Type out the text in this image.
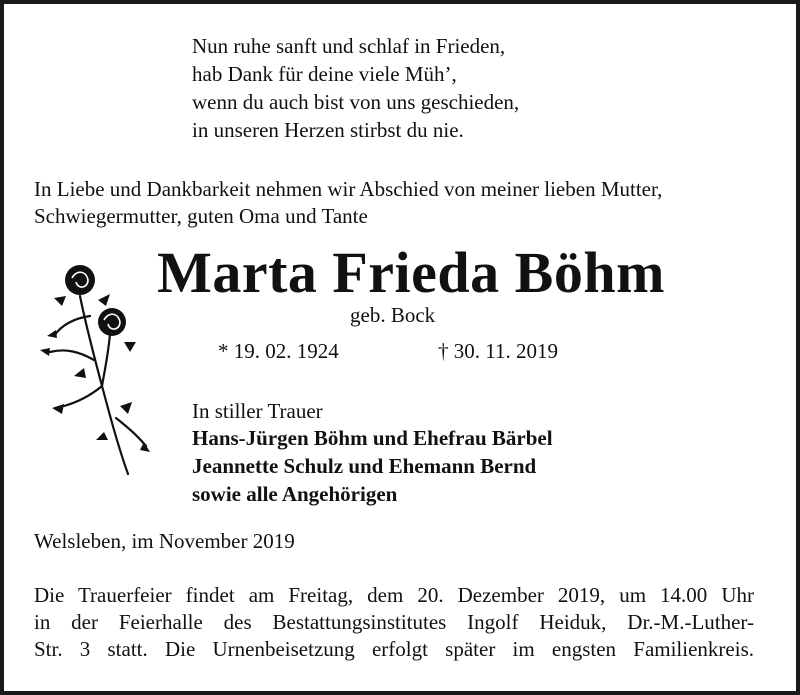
Nun ruhe sanft und schlaf in Frieden,
hab Dank für deine viele Müh’,
wenn du auch bist von uns geschieden,
in unseren Herzen stirbst du nie.
In Liebe und Dankbarkeit nehmen wir Abschied von meiner lieben Mutter,
Schwiegermutter, guten Oma und Tante
Marta Frieda Böhm
geb. Bock
* 19. 02. 1924	† 30. 11. 2019
In stiller Trauer
Hans-Jürgen Böhm und Ehefrau Bärbel
Jeannette Schulz und Ehemann Bernd
sowie alle Angehörigen
Welsleben, im November 2019
Die Trauerfeier findet am Freitag, dem 20. Dezember 2019, um 14.00 Uhr
in der Feierhalle des Bestattungsinstitutes Ingolf Heiduk, Dr.-M.-Luther-
Str. 3 statt. Die Urnenbeisetzung erfolgt später im engsten Familienkreis.
